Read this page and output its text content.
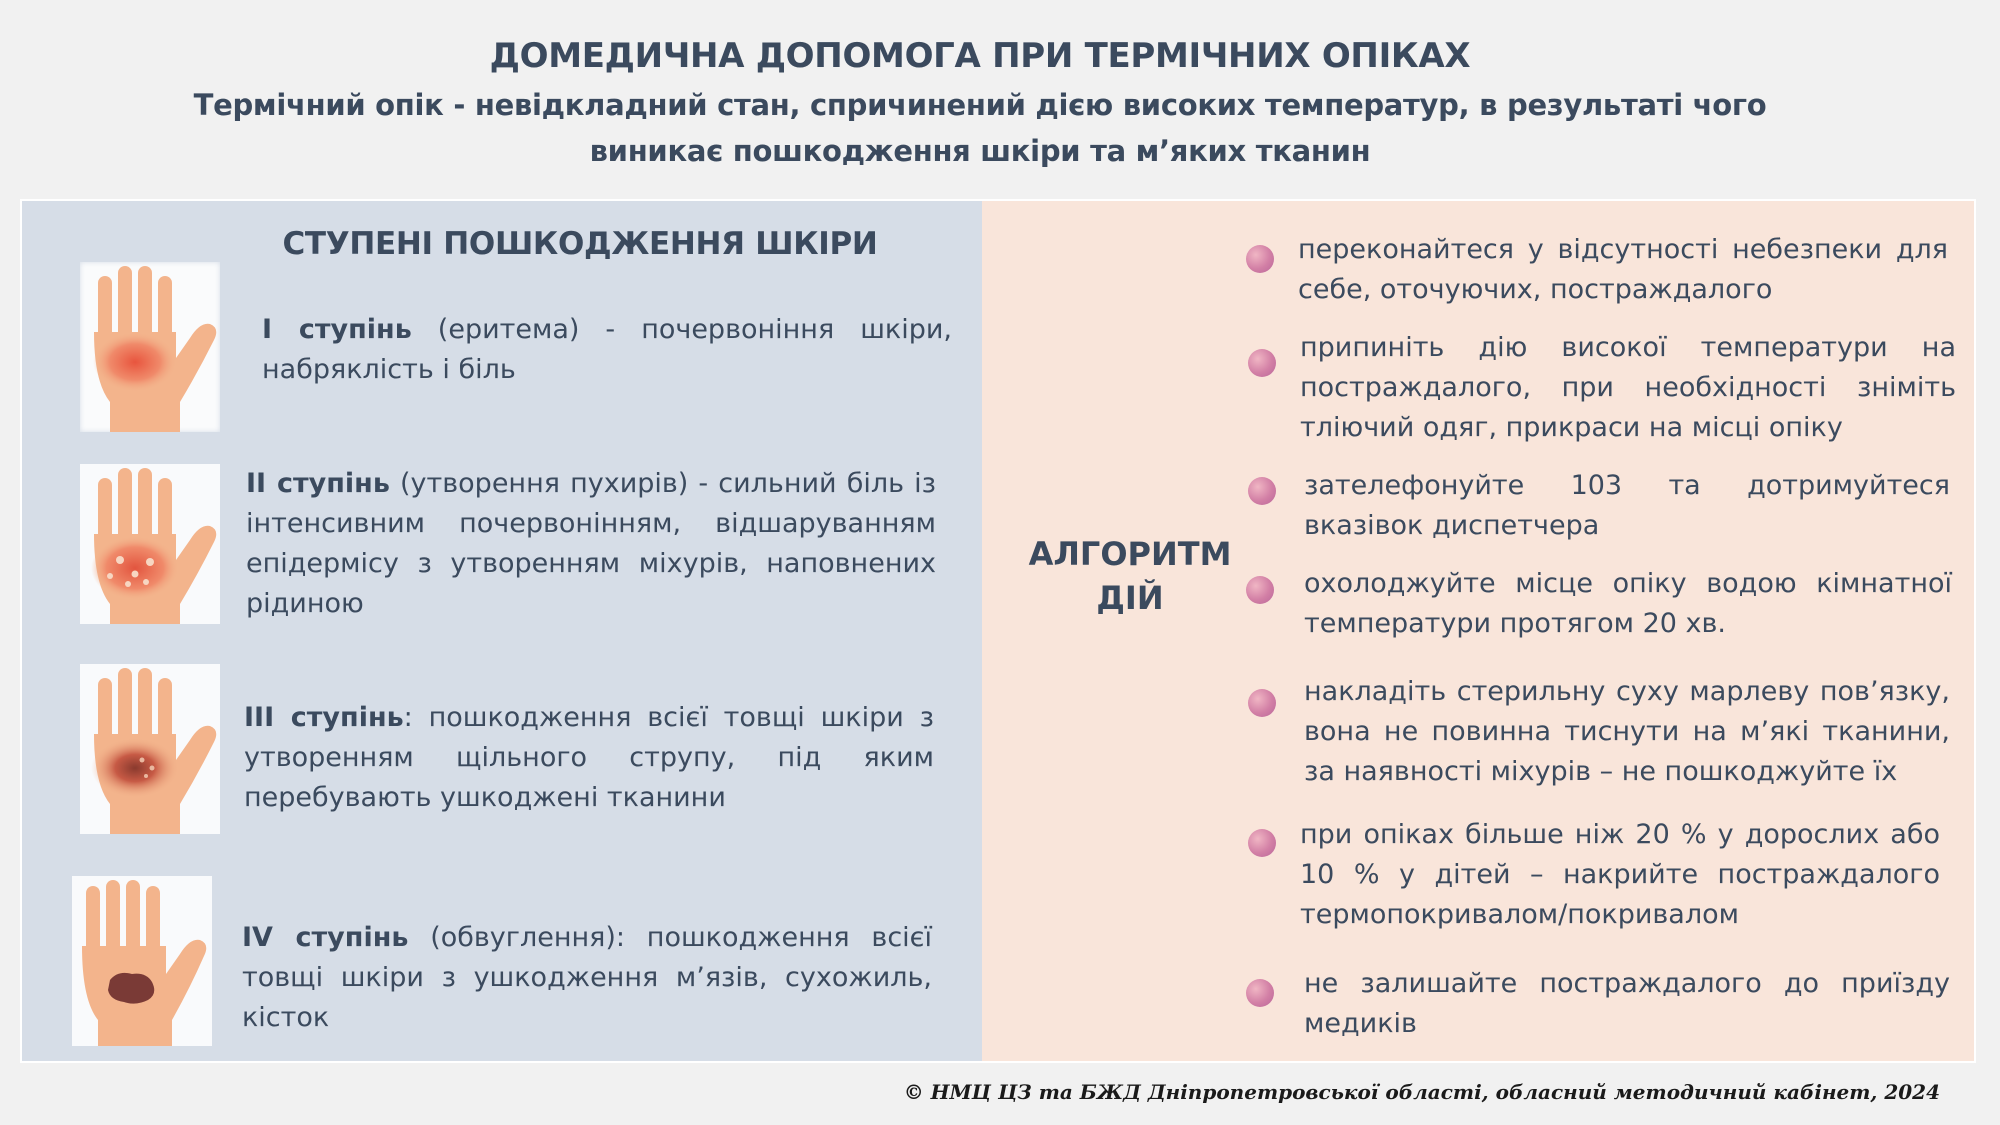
ДОМЕДИЧНА ДОПОМОГА ПРИ ТЕРМІЧНИХ ОПІКАХ
Термічний опік - невідкладний стан, спричинений дією високих температур, в результаті чого виникає пошкодження шкіри та м’яких тканин
СТУПЕНІ ПОШКОДЖЕННЯ ШКІРИ
І ступінь (еритема) - почервоніння шкіри, набряклість і біль
ІІ ступінь (утворення пухирів) - сильний біль із інтенсивним почервонінням, відшаруванням епідермісу з утворенням міхурів, наповнених рідиною
ІІІ ступінь: пошкодження всієї товщі шкіри з утворенням щільного струпу, під яким перебувають ушкоджені тканини
ІV ступінь (обвуглення): пошкодження всієї товщі шкіри з ушкодження м’язів, сухожиль, кісток
АЛГОРИТМ ДІЙ
переконайтеся у відсутності небезпеки для себе, оточуючих, постраждалого
припиніть дію високої температури на постраждалого, при необхідності зніміть тліючий одяг, прикраси на місці опіку
зателефонуйте 103 та дотримуйтеся вказівок диспетчера
охолоджуйте місце опіку водою кімнатної температури протягом 20 хв.
накладіть стерильну суху марлеву пов’язку, вона не повинна тиснути на м’які тканини, за наявності міхурів – не пошкоджуйте їх
при опіках більше ніж 20 % у дорослих або 10 % у дітей – накрийте постраждалого термопокривалом/покривалом
не залишайте постраждалого до приїзду медиків
© НМЦ ЦЗ та БЖД Дніпропетровської області, обласний методичний кабінет, 2024
